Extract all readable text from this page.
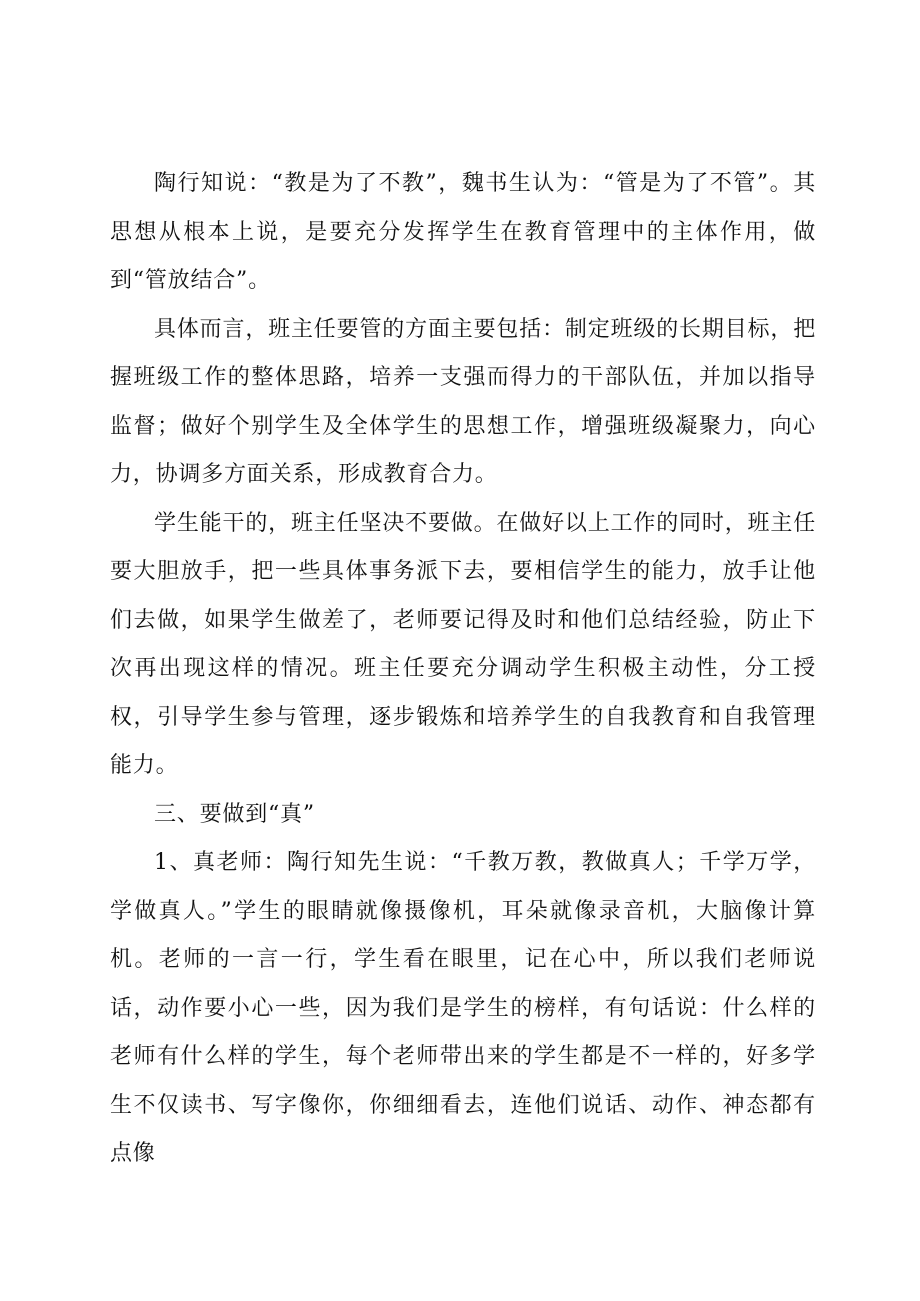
陶行知说：“教是为了不教”，魏书生认为：“管是为了不管”。其思想从根本上说，是要充分发挥学生在教育管理中的主体作用，做到“管放结合”。

具体而言，班主任要管的方面主要包括：制定班级的长期目标，把握班级工作的整体思路，培养一支强而得力的干部队伍，并加以指导监督；做好个别学生及全体学生的思想工作，增强班级凝聚力，向心力，协调多方面关系，形成教育合力。

学生能干的，班主任坚决不要做。在做好以上工作的同时，班主任要大胆放手，把一些具体事务派下去，要相信学生的能力，放手让他们去做，如果学生做差了，老师要记得及时和他们总结经验，防止下次再出现这样的情况。班主任要充分调动学生积极主动性，分工授权，引导学生参与管理，逐步锻炼和培养学生的自我教育和自我管理能力。

三、要做到“真”

1、真老师：陶行知先生说：“千教万教，教做真人；千学万学，学做真人。”学生的眼睛就像摄像机，耳朵就像录音机，大脑像计算机。老师的一言一行，学生看在眼里，记在心中，所以我们老师说话，动作要小心一些，因为我们是学生的榜样，有句话说：什么样的老师有什么样的学生，每个老师带出来的学生都是不一样的，好多学生不仅读书、写字像你，你细细看去，连他们说话、动作、神态都有点像
